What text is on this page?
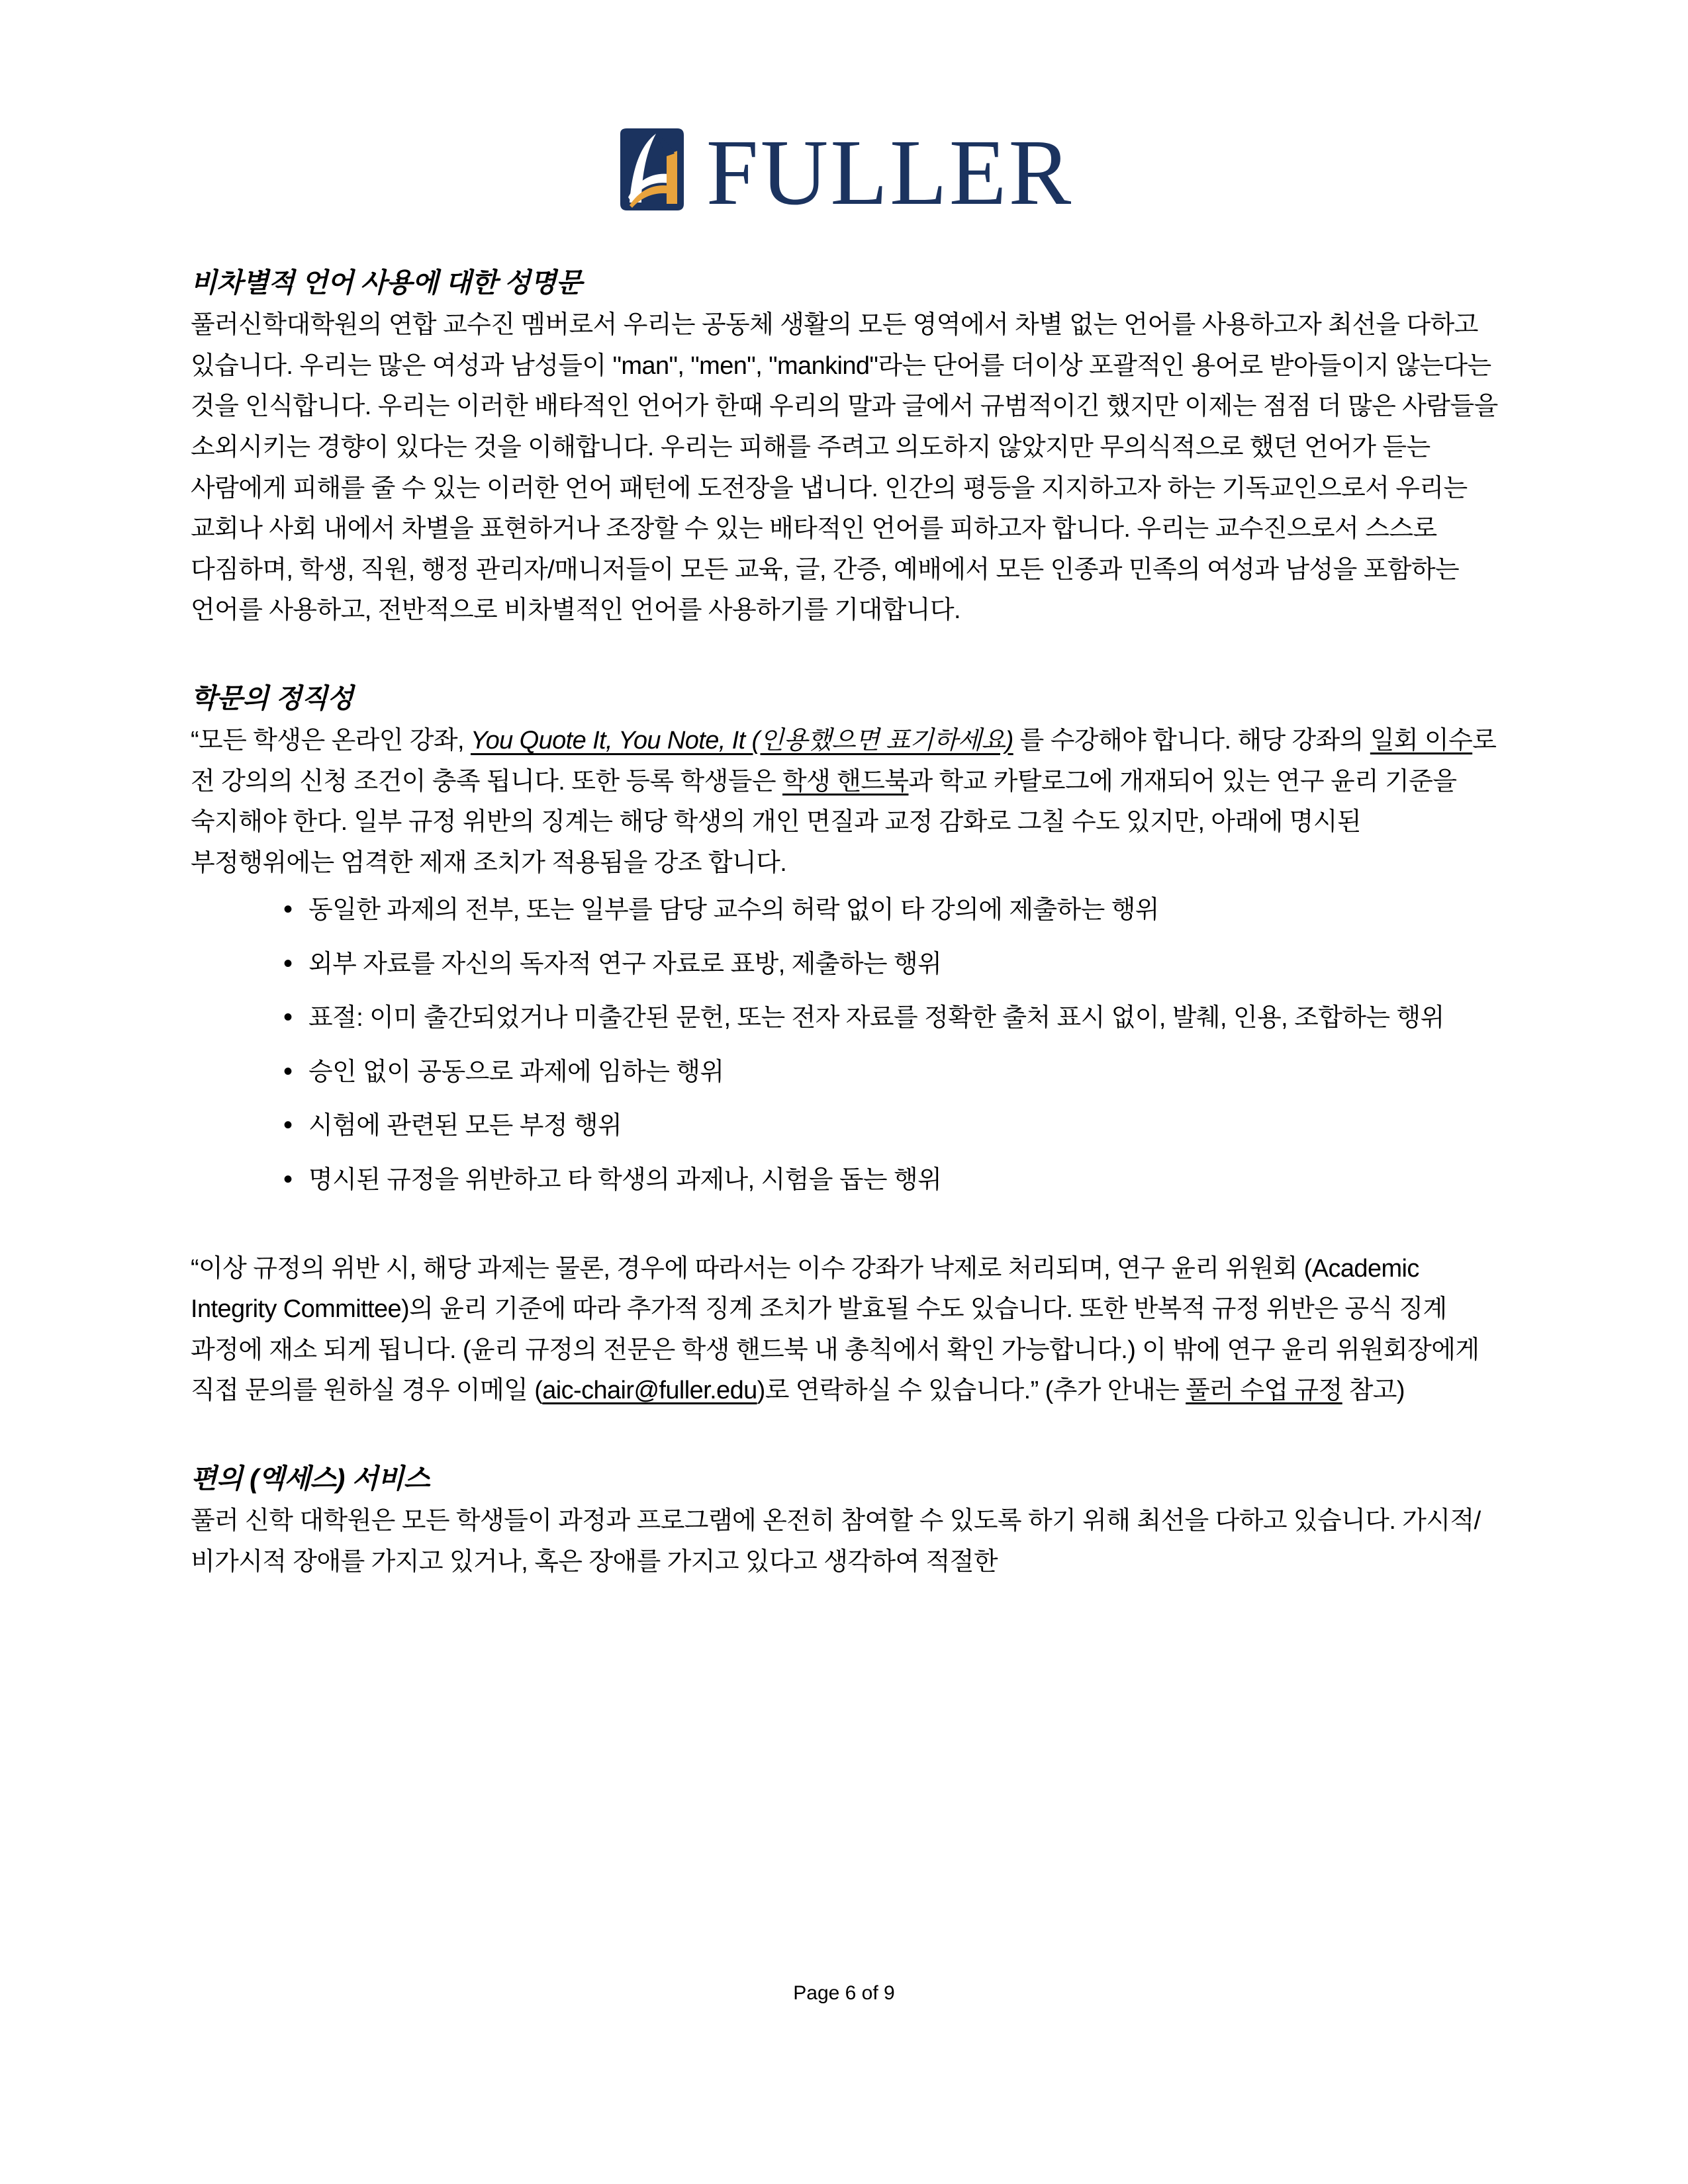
FULLER
비차별적 언어 사용에 대한 성명문

풀러신학대학원의 연합 교수진 멤버로서 우리는 공동체 생활의 모든 영역에서 차별 없는 언어를 사용하고자 최선을 다하고 있습니다. 우리는 많은 여성과 남성들이 "man", "men", "mankind"라는 단어를 더이상 포괄적인 용어로 받아들이지 않는다는 것을 인식합니다. 우리는 이러한 배타적인 언어가 한때 우리의 말과 글에서 규범적이긴 했지만 이제는 점점 더 많은 사람들을 소외시키는 경향이 있다는 것을 이해합니다. 우리는 피해를 주려고 의도하지 않았지만 무의식적으로 했던 언어가 듣는 사람에게 피해를 줄 수 있는 이러한 언어 패턴에 도전장을 냅니다. 인간의 평등을 지지하고자 하는 기독교인으로서 우리는 교회나 사회 내에서 차별을 표현하거나 조장할 수 있는 배타적인 언어를 피하고자 합니다. 우리는 교수진으로서 스스로 다짐하며, 학생, 직원, 행정 관리자/매니저들이 모든 교육, 글, 간증, 예배에서 모든 인종과 민족의 여성과 남성을 포함하는 언어를 사용하고, 전반적으로 비차별적인 언어를 사용하기를 기대합니다.

학문의 정직성

“모든 학생은 온라인 강좌, You Quote It, You Note, It (인용했으면 표기하세요) 를 수강해야 합니다. 해당 강좌의 일회 이수로 전 강의의 신청 조건이 충족 됩니다. 또한 등록 학생들은 학생 핸드북과 학교 카탈로그에 개재되어 있는 연구 윤리 기준을 숙지해야 한다. 일부 규정 위반의 징계는 해당 학생의 개인 면질과 교정 감화로 그칠 수도 있지만, 아래에 명시된 부정행위에는 엄격한 제재 조치가 적용됨을 강조 합니다.

• 동일한 과제의 전부, 또는 일부를 담당 교수의 허락 없이 타 강의에 제출하는 행위
• 외부 자료를 자신의 독자적 연구 자료로 표방, 제출하는 행위
• 표절: 이미 출간되었거나 미출간된 문헌, 또는 전자 자료를 정확한 출처 표시 없이, 발췌, 인용, 조합하는 행위
• 승인 없이 공동으로 과제에 임하는 행위
• 시험에 관련된 모든 부정 행위
• 명시된 규정을 위반하고 타 학생의 과제나, 시험을 돕는 행위

“이상 규정의 위반 시, 해당 과제는 물론, 경우에 따라서는 이수 강좌가 낙제로 처리되며, 연구 윤리 위원회 (Academic Integrity Committee)의 윤리 기준에 따라 추가적 징계 조치가 발효될 수도 있습니다. 또한 반복적 규정 위반은 공식 징계 과정에 재소 되게 됩니다. (윤리 규정의 전문은 학생 핸드북 내 총칙에서 확인 가능합니다.) 이 밖에 연구 윤리 위원회장에게 직접 문의를 원하실 경우 이메일 (aic-chair@fuller.edu)로 연락하실 수 있습니다.” (추가 안내는 풀러 수업 규정 참고)

편의 (엑세스) 서비스

풀러 신학 대학원은 모든 학생들이 과정과 프로그램에 온전히 참여할 수 있도록 하기 위해 최선을 다하고 있습니다. 가시적/비가시적 장애를 가지고 있거나, 혹은 장애를 가지고 있다고 생각하여 적절한

Page 6 of 9
